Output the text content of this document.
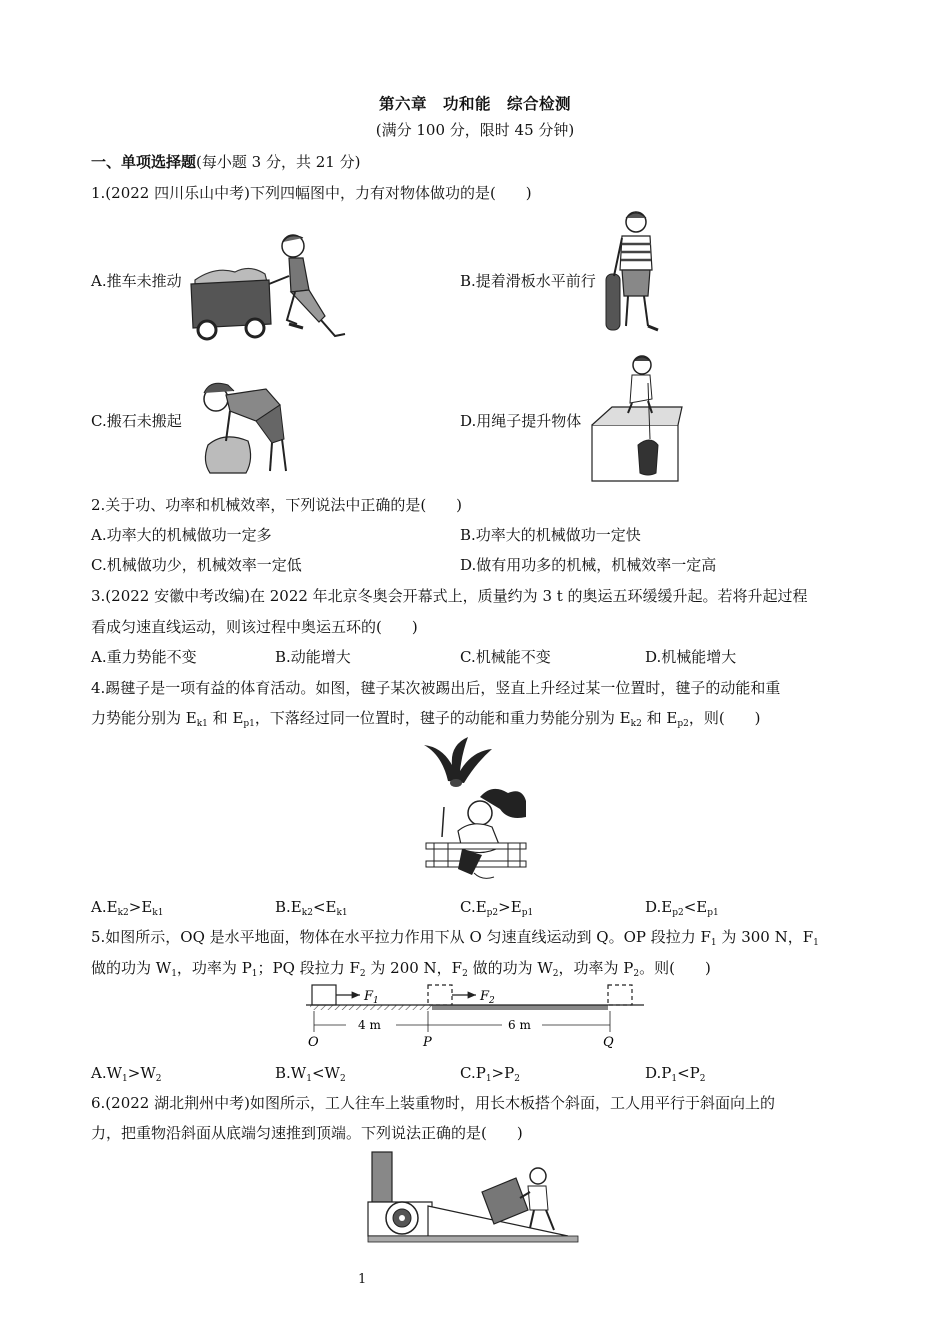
第六章　功和能　综合检测
(满分 100 分，限时 45 分钟)
一、单项选择题(每小题 3 分，共 21 分)
1.(2022 四川乐山中考)下列四幅图中，力有对物体做功的是(　　)
A.推车未推动	B.提着滑板水平前行
C.搬石未搬起	D.用绳子提升物体
2.关于功、功率和机械效率，下列说法中正确的是(　　)
A.功率大的机械做功一定多	B.功率大的机械做功一定快
C.机械做功少，机械效率一定低	D.做有用功多的机械，机械效率一定高
3.(2022 安徽中考改编)在 2022 年北京冬奥会开幕式上，质量约为 3 t 的奥运五环缓缓升起。若将升起过程
看成匀速直线运动，则该过程中奥运五环的(　　)
A.重力势能不变	B.动能增大	C.机械能不变	D.机械能增大
4.踢毽子是一项有益的体育活动。如图，毽子某次被踢出后，竖直上升经过某一位置时，毽子的动能和重
力势能分别为 $E_{k1}$ 和 $E_{p1}$，下落经过同一位置时，毽子的动能和重力势能分别为 $E_{k2}$ 和 $E_{p2}$，则(　　)
$A.E_{k2}>E_{k1}$	$B.E_{k2}<E_{k1}$	$C.E_{p2}>E_{p1}$	$D.E_{p2}<E_{p1}$
5.如图所示，OQ 是水平地面，物体在水平拉力作用下从 O 匀速直线运动到 Q。OP 段拉力 $F_1$ 为 300 N，$F_1$
做的功为 $W_1$，功率为 $P_1$；PQ 段拉力 $F_2$ 为 200 N，$F_2$ 做的功为 $W_2$，功率为 $P_2$。则(　　)
$F_1$	$F_2$
4 m	6 m
O	P	Q
$A.W_1>W_2$	$B.W_1<W_2$	$C.P_1>P_2$	$D.P_1<P_2$
6.(2022 湖北荆州中考)如图所示，工人往车上装重物时，用长木板搭个斜面，工人用平行于斜面向上的
力，把重物沿斜面从底端匀速推到顶端。下列说法正确的是(　　)
1
